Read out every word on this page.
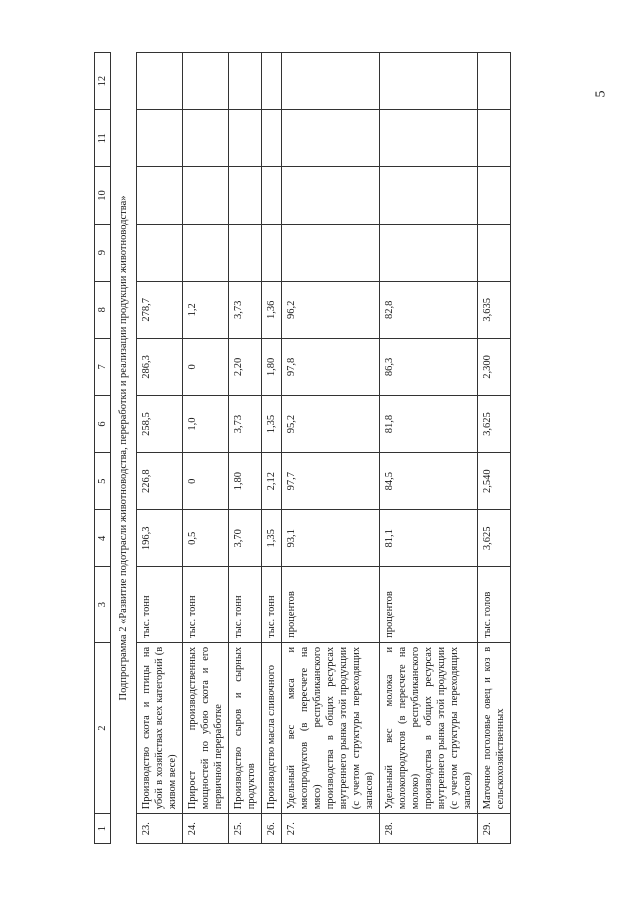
5
1	2	3	4	5	6	7	8	9	10	11	12
Подпрограмма 2 «Развитие подотрасли животноводства, переработки и реализации продукции животноводства»											
23.	Производство скота и птицы на убой в хозяйствах всех категорий (в живом весе)	тыс. тонн	196,3	226,8	258,5	286,3	278,7				
24.	Прирост производственных мощностей по убою скота и его первичной переработке	тыс. тонн	0,5	0	1,0	0	1,2				
25.	Производство сыров и сырных продуктов	тыс. тонн	3,70	1,80	3,73	2,20	3,73				
26.	Производство масла сливочного	тыс. тонн	1,35	2,12	1,35	1,80	1,36				
27.	Удельный вес мяса и мясопродуктов (в пересчете на мясо) республиканского производства в общих ресурсах внутреннего рынка этой продукции (с учетом структуры переходящих запасов)	процентов	93,1	97,7	95,2	97,8	96,2				
28.	Удельный вес молока и молокопродуктов (в пересчете на молоко) республиканского производства в общих ресурсах внутреннего рынка этой продукции (с учетом структуры переходящих запасов)	процентов	81,1	84,5	81,8	86,3	82,8				
29.	Маточное поголовье овец и коз в сельскохозяйственных	тыс. голов	3,625	2,540	3,625	2,300	3,635				
